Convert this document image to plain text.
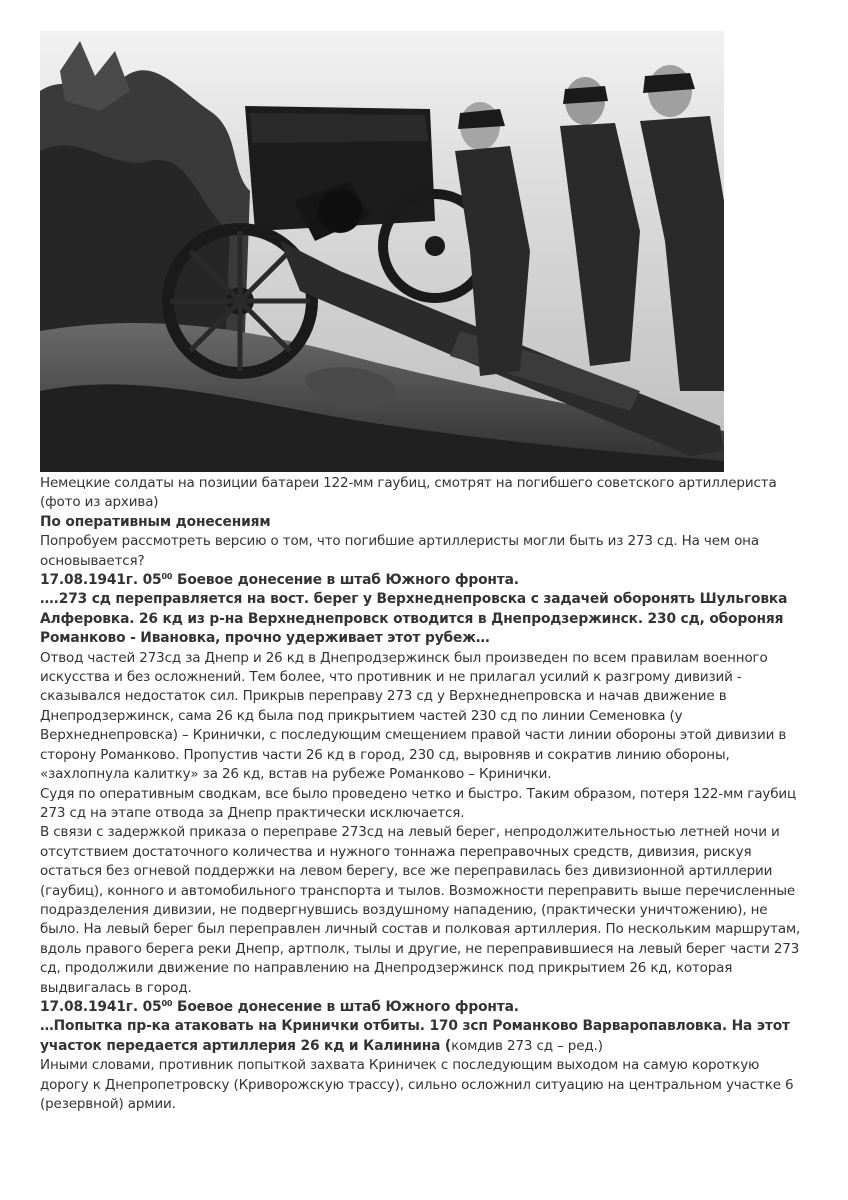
Немецкие солдаты на позиции батареи 122-мм гаубиц, смотрят на погибшего советского артиллериста (фото из архива)

По оперативным донесениям

Попробуем рассмотреть версию о том, что погибшие артиллеристы могли быть из 273 сд. На чем она основывается?

17.08.1941г. $05^{00}$ Боевое донесение в штаб Южного фронта.

….273 сд переправляется на вост. берег у Верхнеднепровска с задачей оборонять Шульговка Алферовка. 26 кд из р-на Верхнеднепровск отводится в Днепродзержинск. 230 сд, обороняя Романково - Ивановка, прочно удерживает этот рубеж…

Отвод частей 273сд за Днепр и 26 кд в Днепродзержинск был произведен по всем правилам военного искусства и без осложнений. Тем более, что противник и не прилагал усилий к разгрому дивизий - сказывался недостаток сил. Прикрыв переправу 273 сд у Верхнеднепровска и начав движение в Днепродзержинск, сама 26 кд была под прикрытием частей 230 сд по линии Семеновка (у Верхнеднепровска) – Кринички, с последующим смещением правой части линии обороны этой дивизии в сторону Романково. Пропустив части 26 кд в город, 230 сд, выровняв и сократив линию обороны, «захлопнула калитку» за 26 кд, встав на рубеже Романково – Кринички.

Судя по оперативным сводкам, все было проведено четко и быстро. Таким образом, потеря 122-мм гаубиц 273 сд на этапе отвода за Днепр практически исключается.

В связи с задержкой приказа о переправе 273сд на левый берег, непродолжительностью летней ночи и отсутствием достаточного количества и нужного тоннажа переправочных средств, дивизия, рискуя остаться без огневой поддержки на левом берегу, все же переправилась без дивизионной артиллерии (гаубиц), конного и автомобильного транспорта и тылов. Возможности переправить выше перечисленные подразделения дивизии, не подвергнувшись воздушному нападению, (практически уничтожению), не было. На левый берег был переправлен личный состав и полковая артиллерия. По нескольким маршрутам, вдоль правого берега реки Днепр, артполк, тылы и другие, не переправившиеся на левый берег части 273 сд, продолжили движение по направлению на Днепродзержинск под прикрытием 26 кд, которая выдвигалась в город.

17.08.1941г. $05^{00}$ Боевое донесение в штаб Южного фронта.

…Попытка пр-ка атаковать на Кринички отбиты. 170 зсп Романково Варваропавловка. На этот участок передается артиллерия 26 кд и Калинина (комдив 273 сд – ред.)

Иными словами, противник попыткой захвата Криничек с последующим выходом на самую короткую дорогу к Днепропетровску (Криворожскую трассу), сильно осложнил ситуацию на центральном участке 6 (резервной) армии.
